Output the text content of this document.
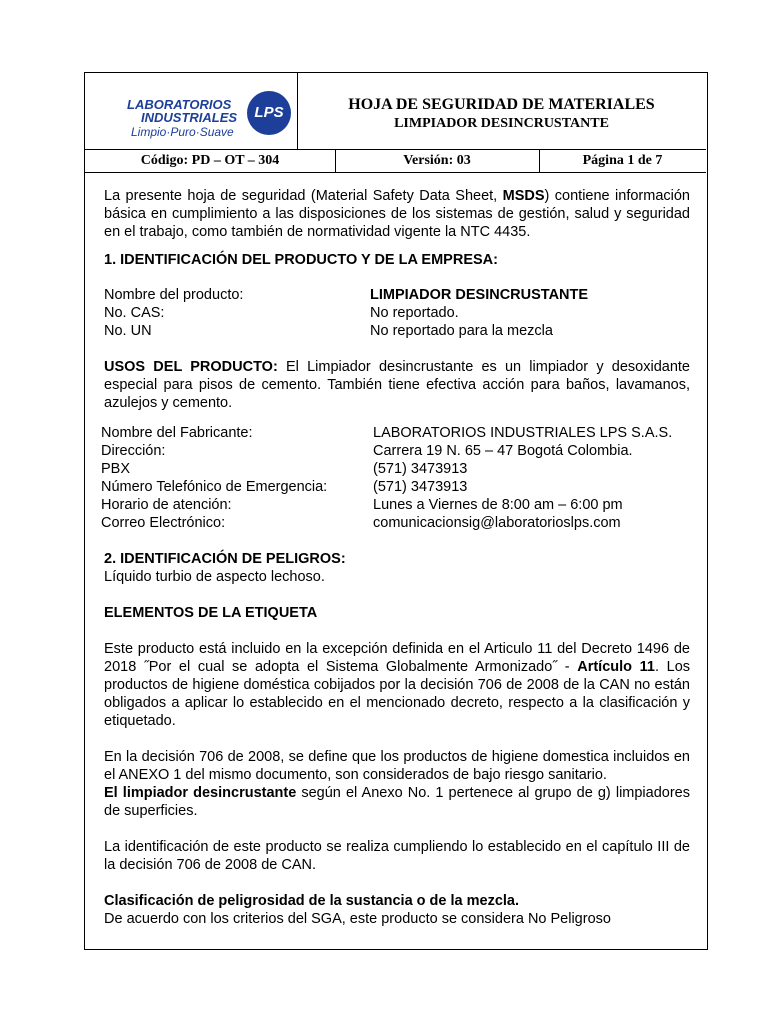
LABORATORIOS
INDUSTRIALES
Limpio·Puro·Suave
LPS	HOJA DE SEGURIDAD DE MATERIALES
LIMPIADOR DESINCRUSTANTE
Código: PD – OT – 304	Versión: 03	Página 1 de 7

La presente hoja de seguridad (Material Safety Data Sheet, MSDS) contiene información básica en cumplimiento a las disposiciones de los sistemas de gestión, salud y seguridad en el trabajo, como también de normatividad vigente la NTC 4435.

1. IDENTIFICACIÓN DEL PRODUCTO Y DE LA EMPRESA:
Nombre del producto:	LIMPIADOR DESINCRUSTANTE
No. CAS:	No reportado.
No. UN	No reportado para la mezcla

USOS DEL PRODUCTO: El Limpiador desincrustante es un limpiador y desoxidante especial para pisos de cemento. También tiene efectiva acción para baños, lavamanos, azulejos y cemento.

Nombre del Fabricante:	LABORATORIOS INDUSTRIALES LPS S.A.S.
Dirección:	Carrera 19 N. 65 – 47 Bogotá Colombia.
PBX	(571) 3473913
Número Telefónico de Emergencia:	(571) 3473913
Horario de atención:	Lunes a Viernes de 8:00 am – 6:00 pm
Correo Electrónico:	comunicacionsig@laboratorioslps.com
2. IDENTIFICACIÓN DE PELIGROS:
Líquido turbio de aspecto lechoso.
ELEMENTOS DE LA ETIQUETA

Este producto está incluido en la excepción definida en el Articulo 11 del Decreto 1496 de 2018 ˝Por el cual se adopta el Sistema Globalmente Armonizado˝ - Artículo 11. Los productos de higiene doméstica cobijados por la decisión 706 de 2008 de la CAN no están obligados a aplicar lo establecido en el mencionado decreto, respecto a la clasificación y etiquetado.

En la decisión 706 de 2008, se define que los productos de higiene domestica incluidos en el ANEXO 1 del mismo documento, son considerados de bajo riesgo sanitario.

El limpiador desincrustante según el Anexo No. 1 pertenece al grupo de g) limpiadores de superficies.

La identificación de este producto se realiza cumpliendo lo establecido en el capítulo III de la decisión 706 de 2008 de CAN.

Clasificación de peligrosidad de la sustancia o de la mezcla.
De acuerdo con los criterios del SGA, este producto se considera No Peligroso
